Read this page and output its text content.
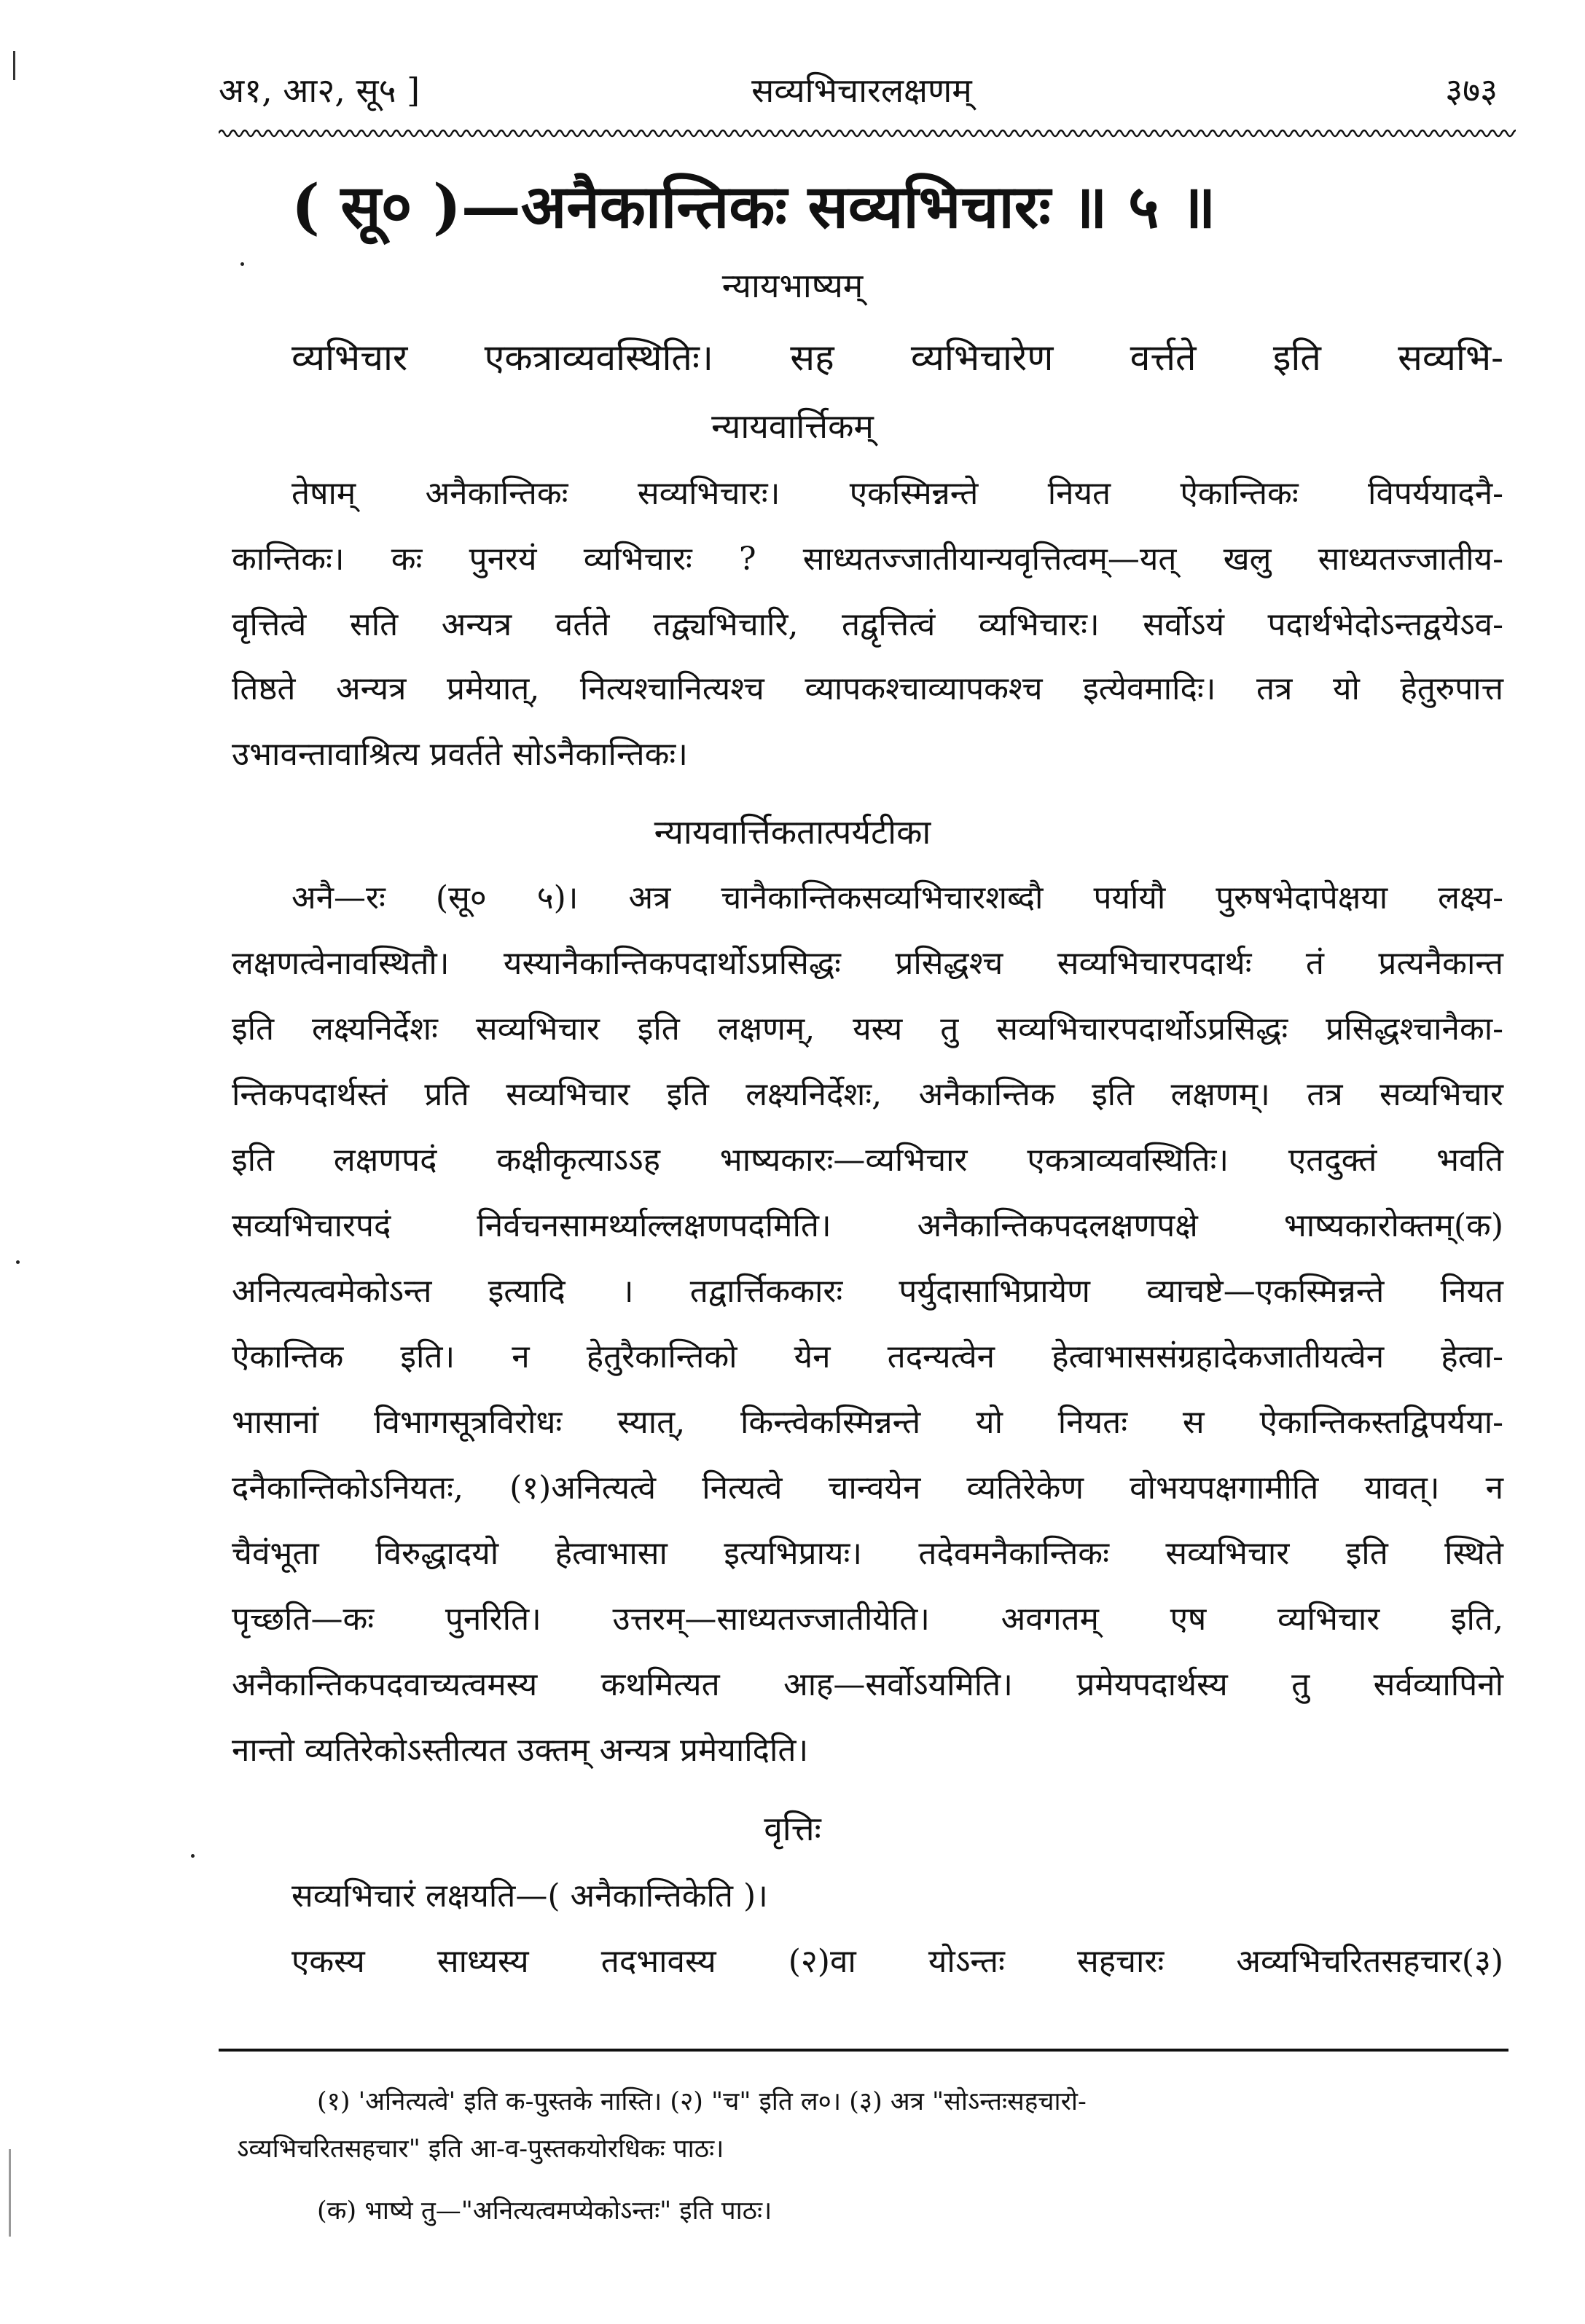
अ१, आ२, सू५ ]	सव्यभिचारलक्षणम्	३७३
( सू० )—अनैकान्तिकः सव्यभिचारः ॥ ५ ॥
न्यायभाष्यम्
व्यभिचार एकत्राव्यवस्थितिः। सह व्यभिचारेण वर्त्तते इति सव्यभि-
न्यायवार्त्तिकम्
तेषाम् अनैकान्तिकः सव्यभिचारः। एकस्मिन्नन्ते नियत ऐकान्तिकः विपर्ययादनै-
कान्तिकः। कः पुनरयं व्यभिचारः ? साध्यतज्जातीयान्यवृत्तित्वम्—यत् खलु साध्यतज्जातीय-
वृत्तित्वे सति अन्यत्र वर्तते तद्व्यभिचारि, तद्वृत्तित्वं व्यभिचारः। सर्वोऽयं पदार्थभेदोऽन्तद्वयेऽव-
तिष्ठते अन्यत्र प्रमेयात्, नित्यश्चानित्यश्च व्यापकश्चाव्यापकश्च इत्येवमादिः। तत्र यो हेतुरुपात्त
उभावन्तावाश्रित्य प्रवर्तते सोऽनैकान्तिकः।
न्यायवार्त्तिकतात्पर्यटीका
अनै—रः (सू० ५)। अत्र चानैकान्तिकसव्यभिचारशब्दौ पर्यायौ पुरुषभेदापेक्षया लक्ष्य-
लक्षणत्वेनावस्थितौ। यस्यानैकान्तिकपदार्थोऽप्रसिद्धः प्रसिद्धश्च सव्यभिचारपदार्थः तं प्रत्यनैकान्त
इति लक्ष्यनिर्देशः सव्यभिचार इति लक्षणम्, यस्य तु सव्यभिचारपदार्थोऽप्रसिद्धः प्रसिद्धश्चानैका-
न्तिकपदार्थस्तं प्रति सव्यभिचार इति लक्ष्यनिर्देशः, अनैकान्तिक इति लक्षणम्। तत्र सव्यभिचार
इति लक्षणपदं कक्षीकृत्याऽऽह भाष्यकारः—व्यभिचार एकत्राव्यवस्थितिः। एतदुक्तं भवति
सव्यभिचारपदं निर्वचनसामर्थ्याल्लक्षणपदमिति। अनैकान्तिकपदलक्षणपक्षे भाष्यकारोक्तम्(क)
अनित्यत्वमेकोऽन्त इत्यादि । तद्वार्त्तिककारः पर्युदासाभिप्रायेण व्याचष्टे—एकस्मिन्नन्ते नियत
ऐकान्तिक इति। न हेतुरैकान्तिको येन तदन्यत्वेन हेत्वाभाससंग्रहादेकजातीयत्वेन हेत्वा-
भासानां विभागसूत्रविरोधः स्यात्, किन्त्वेकस्मिन्नन्ते यो नियतः स ऐकान्तिकस्तद्विपर्यया-
दनैकान्तिकोऽनियतः, (१)अनित्यत्वे नित्यत्वे चान्वयेन व्यतिरेकेण वोभयपक्षगामीति यावत्। न
चैवंभूता विरुद्धादयो हेत्वाभासा इत्यभिप्रायः। तदेवमनैकान्तिकः सव्यभिचार इति स्थिते
पृच्छति—कः पुनरिति। उत्तरम्—साध्यतज्जातीयेति। अवगतम् एष व्यभिचार इति,
अनैकान्तिकपदवाच्यत्वमस्य कथमित्यत आह—सर्वोऽयमिति। प्रमेयपदार्थस्य तु सर्वव्यापिनो
नान्तो व्यतिरेकोऽस्तीत्यत उक्तम् अन्यत्र प्रमेयादिति।
वृत्तिः
सव्यभिचारं लक्षयति—( अनैकान्तिकेति )।
एकस्य साध्यस्य तदभावस्य (२)वा योऽन्तः सहचारः अव्यभिचरितसहचार(३)
(१) 'अनित्यत्वे' इति क-पुस्तके नास्ति। (२) "च" इति ल०। (३) अत्र "सोऽन्तःसहचारो-
ऽव्यभिचरितसहचार" इति आ-व-पुस्तकयोरधिकः पाठः।
(क) भाष्ये तु—"अनित्यत्वमप्येकोऽन्तः" इति पाठः।
